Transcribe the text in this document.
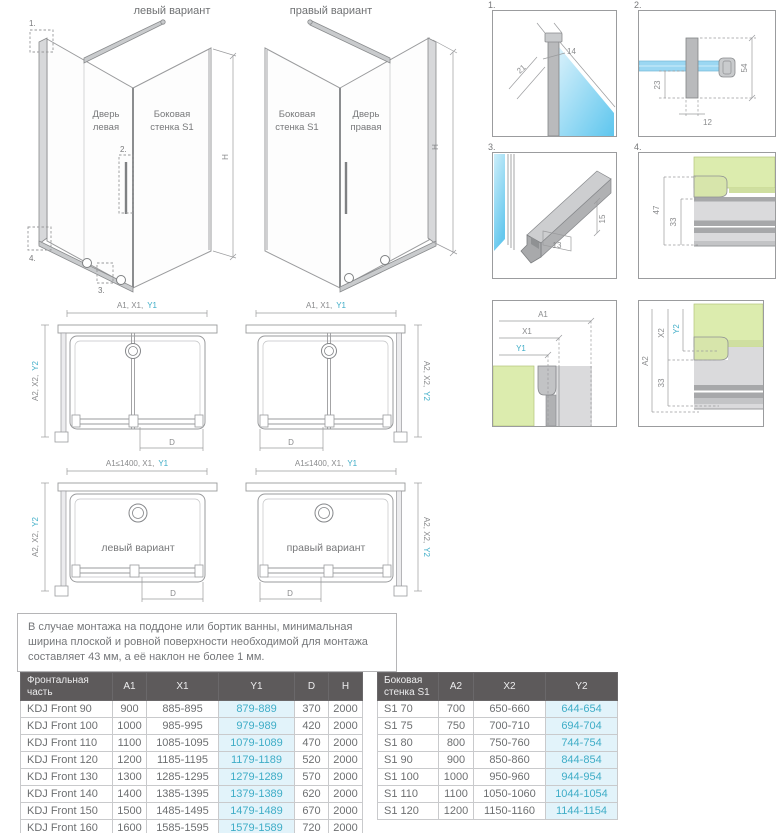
левый вариант
Дверь
левая
Боковая
стенка S1
H
1.
2.
3.
4.
правый вариант
Боковая
стенка S1
Дверь
правая
H
1.
21
14
2.
54
23
12
3.
13
15
4.
47
33
A1
X1
Y1
A2
X2 Y2
33
A1, X1, Y1
D
A2, X2,Y2
A1, X1, Y1
D
A2, X2,Y2
A1≤1400, X1, Y1
левый вариант
D
A2, X2,Y2
A1≤1400, X1, Y1
правый вариант
D
A2, X2,Y2
В случае монтажа на поддоне или бортик ванны, минимальная ширина плоской и ровной поверхности необходимой для монтажа составляет 43 мм, а её наклон не более 1 мм.
Фронтальная часть	A1	X1	Y1	D	H
KDJ Front 90	900	885-895	879-889	370	2000
KDJ Front 100	1000	985-995	979-989	420	2000
KDJ Front 110	1100	1085-1095	1079-1089	470	2000
KDJ Front 120	1200	1185-1195	1179-1189	520	2000
KDJ Front 130	1300	1285-1295	1279-1289	570	2000
KDJ Front 140	1400	1385-1395	1379-1389	620	2000
KDJ Front 150	1500	1485-1495	1479-1489	670	2000
KDJ Front 160	1600	1585-1595	1579-1589	720	2000
Боковая стенка S1	A2	X2	Y2
S1 70	700	650-660	644-654
S1 75	750	700-710	694-704
S1 80	800	750-760	744-754
S1 90	900	850-860	844-854
S1 100	1000	950-960	944-954
S1 110	1100	1050-1060	1044-1054
S1 120	1200	1150-1160	1144-1154
